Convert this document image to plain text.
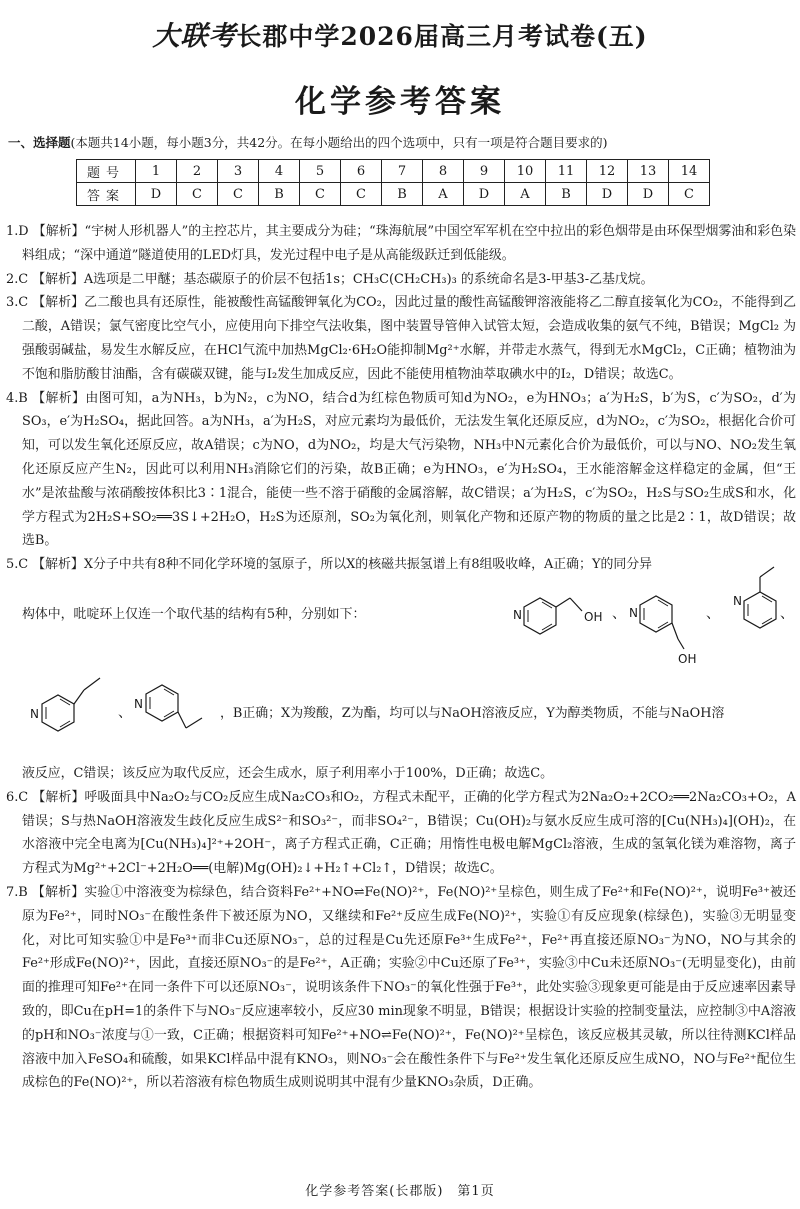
大联考长郡中学2026届高三月考试卷(五)
化学参考答案
一、选择题(本题共14小题，每小题3分，共42分。在每小题给出的四个选项中，只有一项是符合题目要求的)
题号	1	2	3	4	5	6	7	8	9	10	11	12	13	14
答案	D	C	C	B	C	C	B	A	D	A	B	D	D	C

1.D 【解析】“宇树人形机器人”的主控芯片，其主要成分为硅；“珠海航展”中国空军军机在空中拉出的彩色烟带是由环保型烟雾油和彩色染料组成；“深中通道”隧道使用的LED灯具，发光过程中电子是从高能级跃迁到低能级。

2.C 【解析】A选项是二甲醚；基态碳原子的价层不包括1s；CH₃C(CH₂CH₃)₃ 的系统命名是3-甲基3-乙基戊烷。

3.C 【解析】乙二酸也具有还原性，能被酸性高锰酸钾氧化为CO₂，因此过量的酸性高锰酸钾溶液能将乙二醇直接氧化为CO₂，不能得到乙二酸，A错误；氯气密度比空气小，应使用向下排空气法收集，图中装置导管伸入试管太短，会造成收集的氨气不纯，B错误；MgCl₂ 为强酸弱碱盐，易发生水解反应，在HCl气流中加热MgCl₂·6H₂O能抑制Mg²⁺水解，并带走水蒸气，得到无水MgCl₂，C正确；植物油为不饱和脂肪酸甘油酯，含有碳碳双键，能与I₂发生加成反应，因此不能使用植物油萃取碘水中的I₂，D错误；故选C。

4.B 【解析】由图可知，a为NH₃，b为N₂，c为NO，结合d为红棕色物质可知d为NO₂，e为HNO₃；a′为H₂S，b′为S，c′为SO₂，d′为SO₃，e′为H₂SO₄，据此回答。a为NH₃，a′为H₂S，对应元素均为最低价，无法发生氧化还原反应，d为NO₂，c′为SO₂，根据化合价可知，可以发生氧化还原反应，故A错误；c为NO，d为NO₂，均是大气污染物，NH₃中N元素化合价为最低价，可以与NO、NO₂发生氧化还原反应产生N₂，因此可以利用NH₃消除它们的污染，故B正确；e为HNO₃，e′为H₂SO₄，王水能溶解金这样稳定的金属，但“王水”是浓盐酸与浓硝酸按体积比3∶1混合，能使一些不溶于硝酸的金属溶解，故C错误；a′为H₂S，c′为SO₂，H₂S与SO₂生成S和水，化学方程式为2H₂S+SO₂══3S↓+2H₂O，H₂S为还原剂，SO₂为氧化剂，则氧化产物和还原产物的物质的量之比是2∶1，故D错误；故选B。

5.C 【解析】X分子中共有8种不同化学环境的氢原子，所以X的核磁共振氢谱上有8组吸收峰，A正确；Y的同分异

构体中，吡啶环上仅连一个取代基的结构有5种，分别如下：	N	OH 、 N
OH
、
N
、
N	、
N
，B正确；X为羧酸，Z为酯，均可以与NaOH溶液反应，Y为醇类物质，不能与NaOH溶

液反应，C错误；该反应为取代反应，还会生成水，原子利用率小于100%，D正确；故选C。

6.C 【解析】呼吸面具中Na₂O₂与CO₂反应生成Na₂CO₃和O₂，方程式未配平，正确的化学方程式为2Na₂O₂+2CO₂══2Na₂CO₃+O₂，A错误；S与热NaOH溶液发生歧化反应生成S²⁻和SO₃²⁻，而非SO₄²⁻，B错误；Cu(OH)₂与氨水反应生成可溶的[Cu(NH₃)₄](OH)₂，在水溶液中完全电离为[Cu(NH₃)₄]²⁺+2OH⁻，离子方程式正确，C正确；用惰性电极电解MgCl₂溶液，生成的氢氧化镁为难溶物，离子方程式为Mg²⁺+2Cl⁻+2H₂O══(电解)Mg(OH)₂↓+H₂↑+Cl₂↑，D错误；故选C。

7.B 【解析】实验①中溶液变为棕绿色，结合资料Fe²⁺+NO⇌Fe(NO)²⁺，Fe(NO)²⁺呈棕色，则生成了Fe²⁺和Fe(NO)²⁺，说明Fe³⁺被还原为Fe²⁺，同时NO₃⁻在酸性条件下被还原为NO，又继续和Fe²⁺反应生成Fe(NO)²⁺，实验①有反应现象(棕绿色)，实验③无明显变化，对比可知实验①中是Fe³⁺而非Cu还原NO₃⁻，总的过程是Cu先还原Fe³⁺生成Fe²⁺，Fe²⁺再直接还原NO₃⁻为NO，NO与其余的Fe²⁺形成Fe(NO)²⁺，因此，直接还原NO₃⁻的是Fe²⁺，A正确；实验②中Cu还原了Fe³⁺，实验③中Cu未还原NO₃⁻(无明显变化)，由前面的推理可知Fe²⁺在同一条件下可以还原NO₃⁻，说明该条件下NO₃⁻的氧化性强于Fe³⁺，此处实验③现象更可能是由于反应速率因素导致的，即Cu在pH=1的条件下与NO₃⁻反应速率较小，反应30 min现象不明显，B错误；根据设计实验的控制变量法，应控制③中A溶液的pH和NO₃⁻浓度与①一致，C正确；根据资料可知Fe²⁺+NO⇌Fe(NO)²⁺，Fe(NO)²⁺呈棕色，该反应极其灵敏，所以往待测KCl样品溶液中加入FeSO₄和硫酸，如果KCl样品中混有KNO₃，则NO₃⁻会在酸性条件下与Fe²⁺发生氧化还原反应生成NO，NO与Fe²⁺配位生成棕色的Fe(NO)²⁺，所以若溶液有棕色物质生成则说明其中混有少量KNO₃杂质，D正确。

化学参考答案(长郡版)　第1页
